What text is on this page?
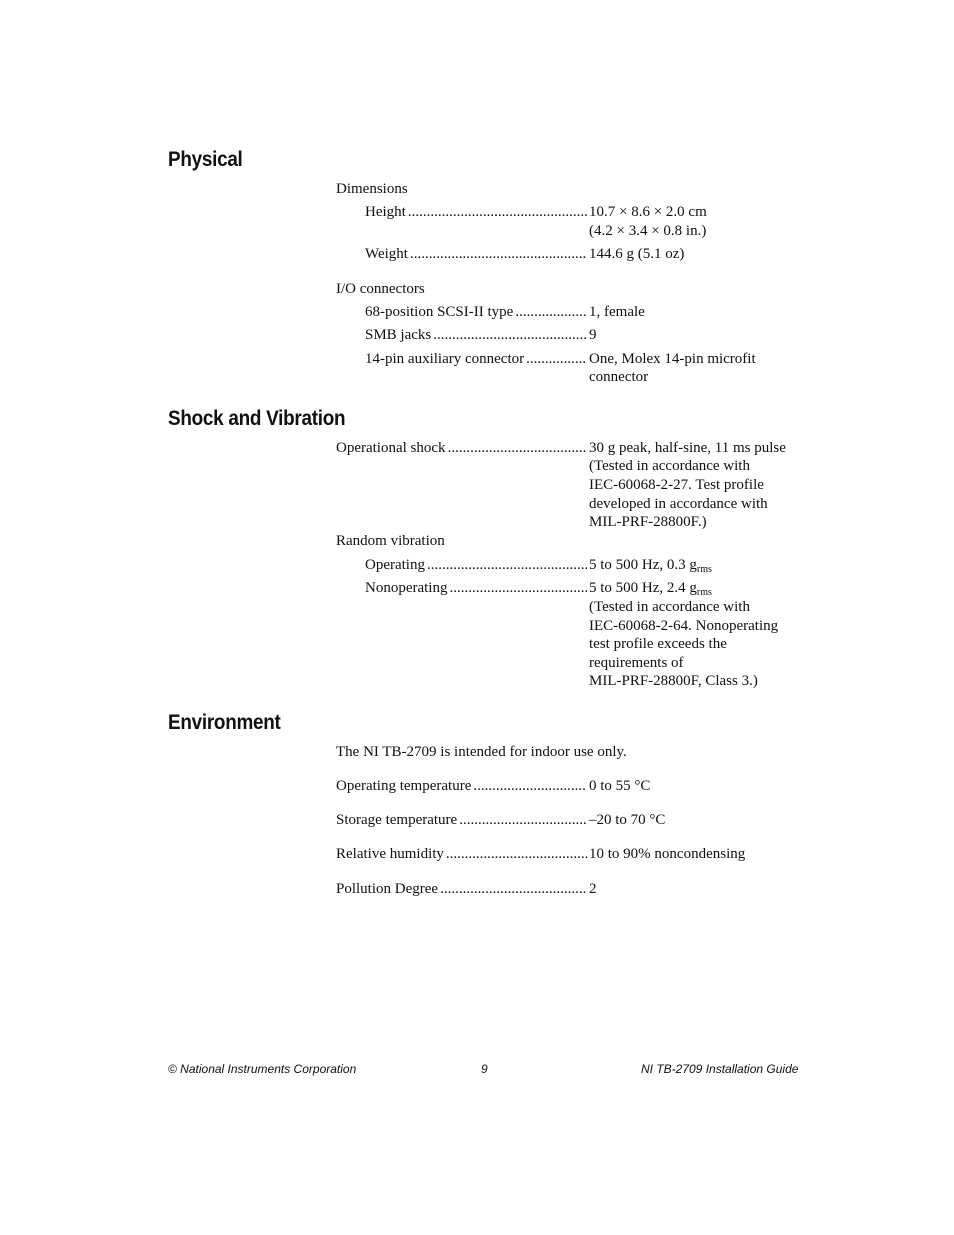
Physical
Dimensions
Height .....	10.7 × 8.6 × 2.0 cm
(4.2 × 3.4 × 0.8 in.)
Weight .....	144.6 g (5.1 oz)
I/O connectors
68-position SCSI-II type .....	1, female
SMB jacks .....	9
14-pin auxiliary connector .....	One, Molex 14-pin microfit
connector
Shock and Vibration
Operational shock .....	30 g peak, half-sine, 11 ms pulse
(Tested in accordance with
IEC-60068-2-27. Test profile
developed in accordance with
MIL-PRF-28800F.)
Random vibration
Operating .....	5 to 500 Hz, 0.3 $g_{rms}$
Nonoperating .....	5 to 500 Hz, 2.4 $g_{rms}$
(Tested in accordance with
IEC-60068-2-64. Nonoperating
test profile exceeds the
requirements of
MIL-PRF-28800F, Class 3.)
Environment
The NI TB-2709 is intended for indoor use only.
Operating temperature .....	0 to 55 °C
Storage temperature .....	–20 to 70 °C
Relative humidity .....	10 to 90% noncondensing
Pollution Degree .....	2
© National Instruments Corporation	9	NI TB-2709 Installation Guide
